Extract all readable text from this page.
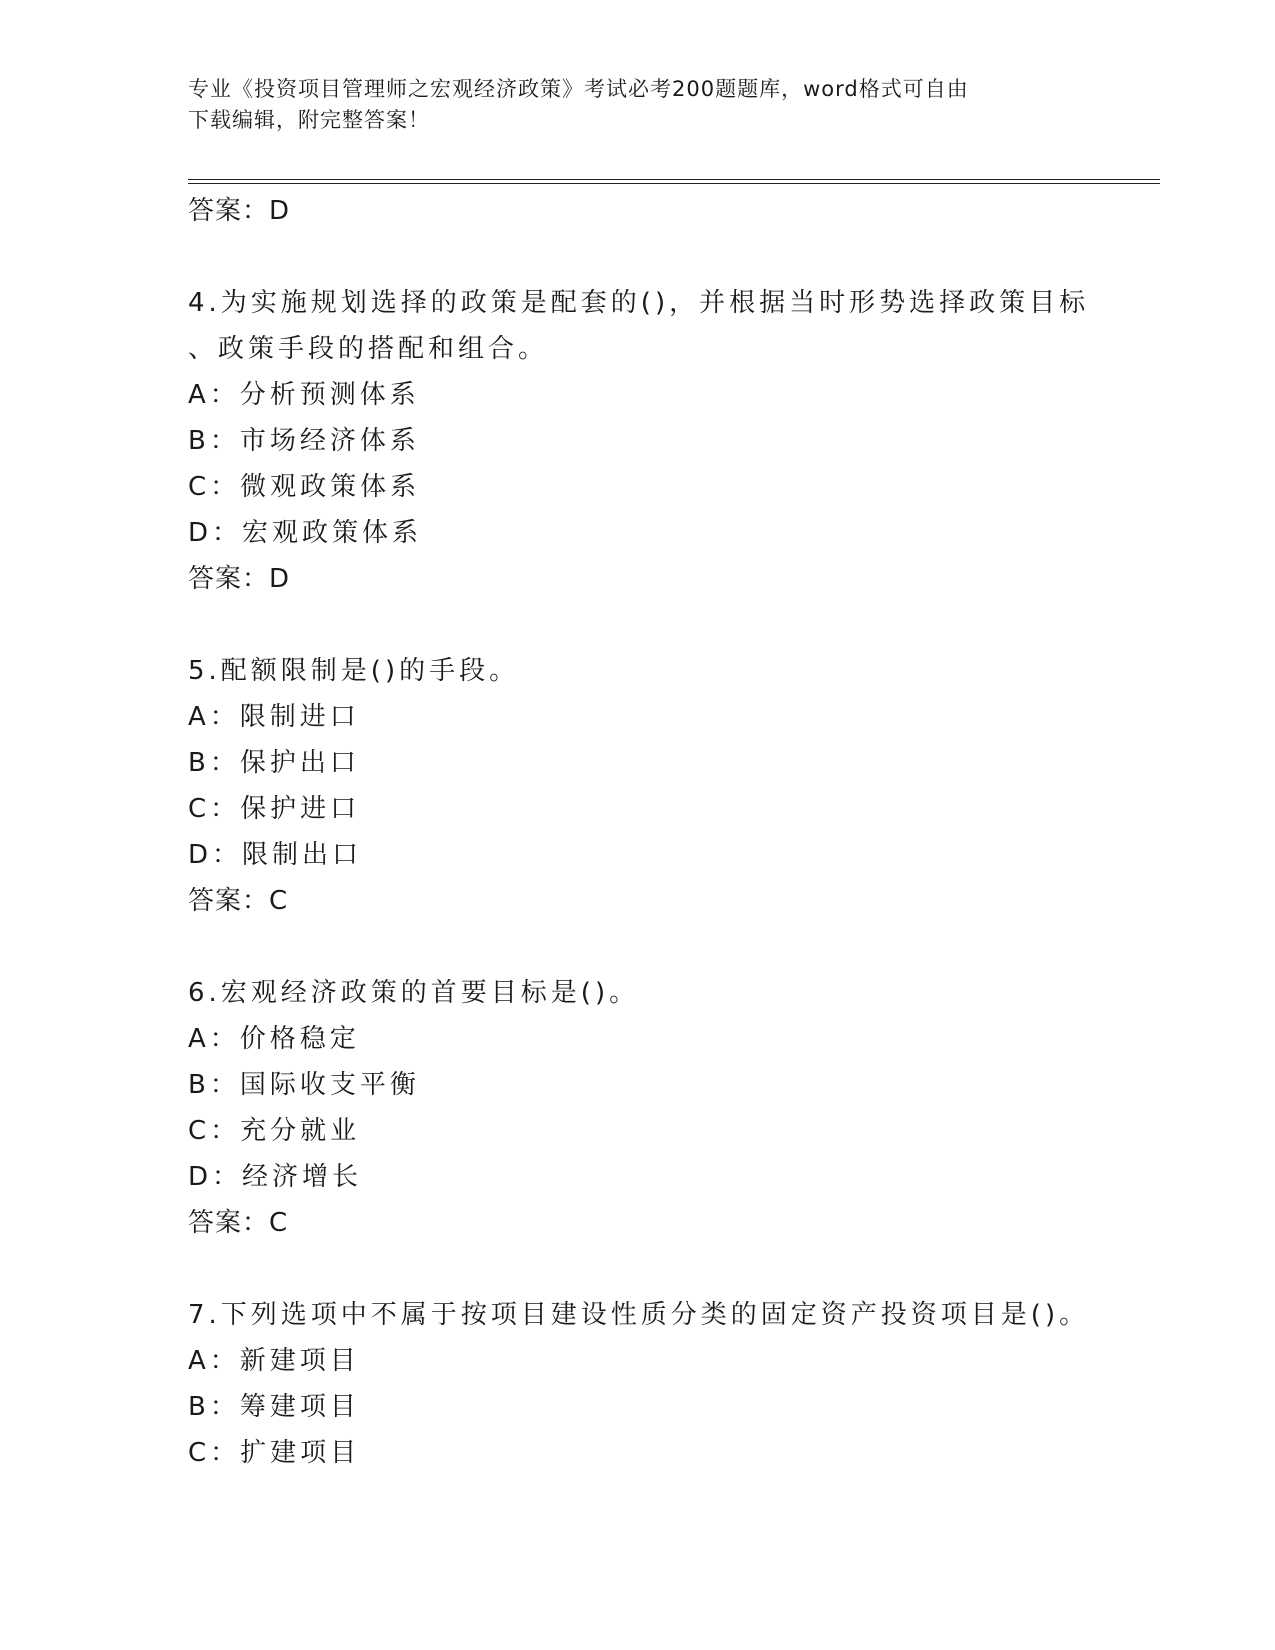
专业《投资项目管理师之宏观经济政策》考试必考200题题库，word格式可自由
下载编辑，附完整答案！
答案：D
4.为实施规划选择的政策是配套的()，并根据当时形势选择政策目标
、政策手段的搭配和组合。
A：分析预测体系
B：市场经济体系
C：微观政策体系
D：宏观政策体系
答案：D
5.配额限制是()的手段。
A：限制进口
B：保护出口
C：保护进口
D：限制出口
答案：C
6.宏观经济政策的首要目标是()。
A：价格稳定
B：国际收支平衡
C：充分就业
D：经济增长
答案：C
7.下列选项中不属于按项目建设性质分类的固定资产投资项目是()。
A：新建项目
B：筹建项目
C：扩建项目
